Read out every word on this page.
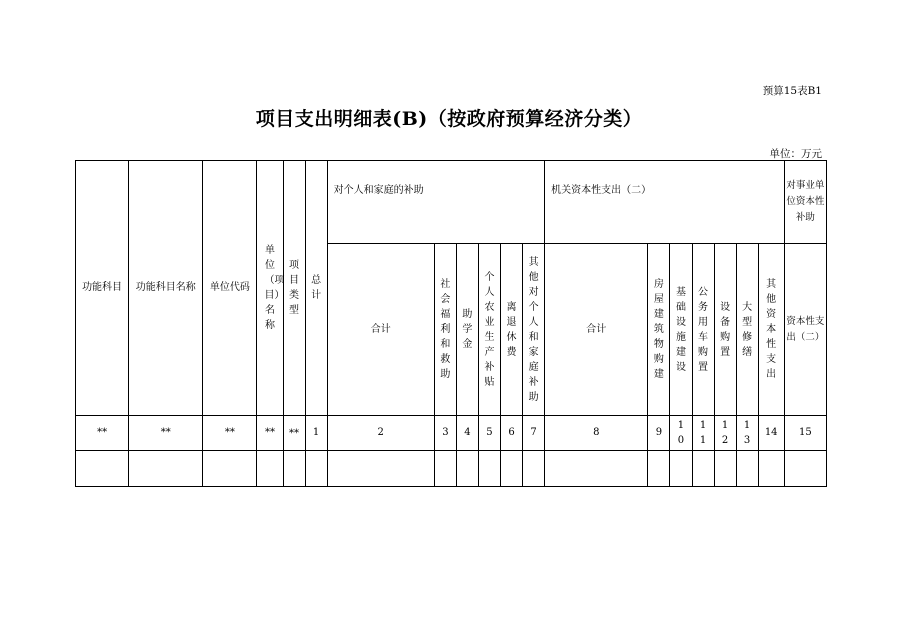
预算15表B1
项目支出明细表(B)（按政府预算经济分类）
单位：万元
功能科目	功能科目名称	单位代码	单位（项目）名称	项目类型	总计	对个人和家庭的补助						机关资本性支出（二）							对事业单位资本性补助
						合计	社会福利和救助	助学金	个人农业生产补贴	离退休费	其他对个人和家庭补助	合计	房屋建筑物购建	基础设施建设	公务用车购置	设备购置	大型修缮	其他资本性支出	资本性支出（二）
**	**	**	**	**	1	2	3	4	5	6	7	8	9	10	11	12	13	14	15
